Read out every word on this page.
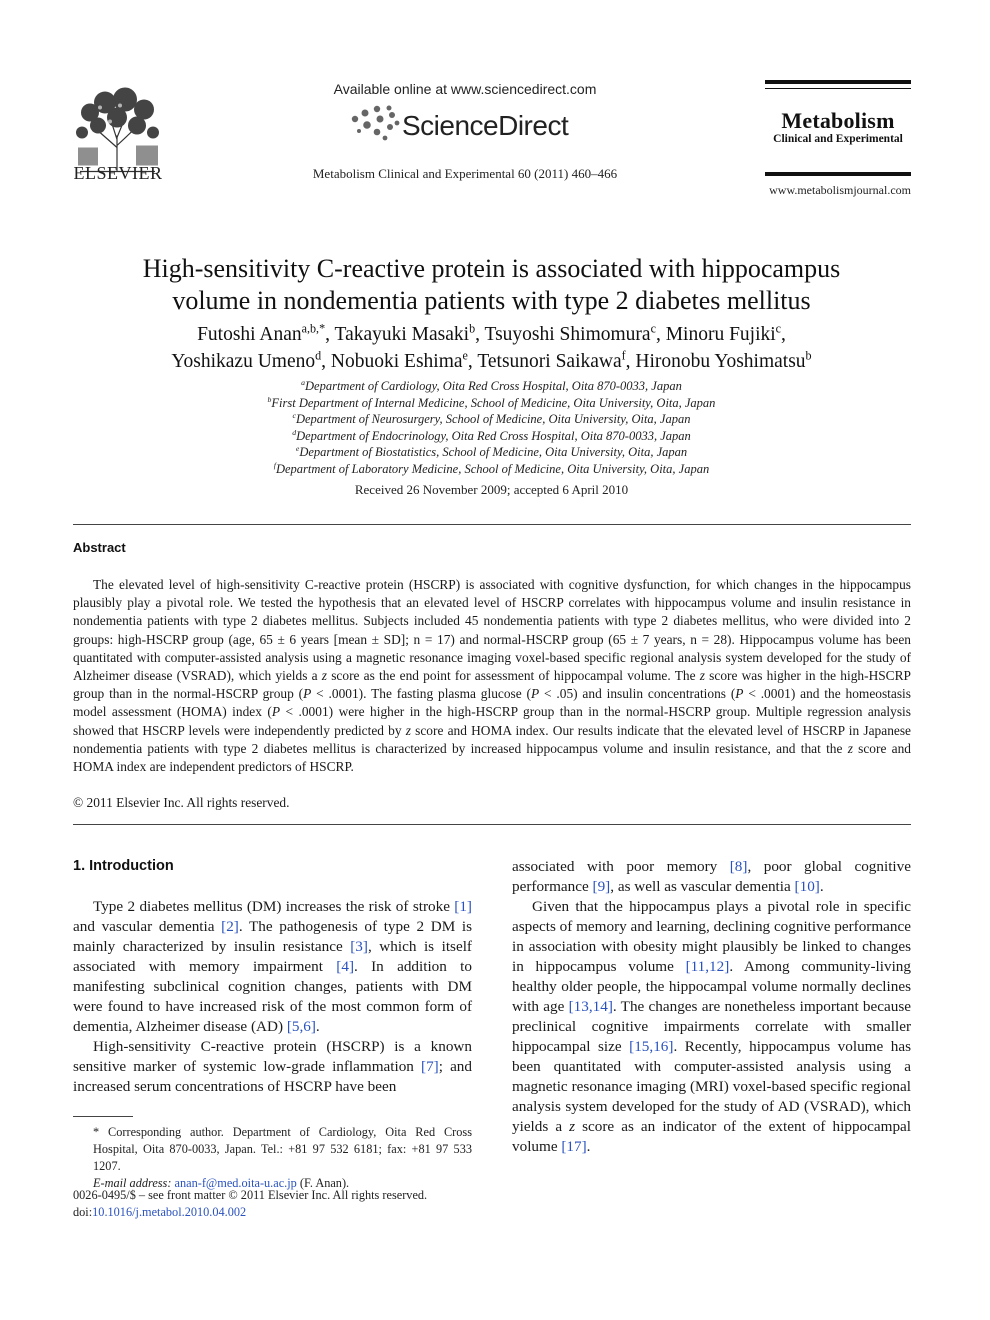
ELSEVIER
Available online at www.sciencedirect.com
ScienceDirect
Metabolism Clinical and Experimental 60 (2011) 460–466
Metabolism
Clinical and Experimental
www.metabolismjournal.com
High-sensitivity C-reactive protein is associated with hippocampus
volume in nondementia patients with type 2 diabetes mellitus
Futoshi Anan$^{a,b,*}$, Takayuki Masaki$^b$, Tsuyoshi Shimomura$^c$, Minoru Fujiki$^c$,
Yoshikazu Umeno$^d$, Nobuoki Eshima$^e$, Tetsunori Saikawa$^f$, Hironobu Yoshimatsu$^b$
$^a$Department of Cardiology, Oita Red Cross Hospital, Oita 870-0033, Japan
$^b$First Department of Internal Medicine, School of Medicine, Oita University, Oita, Japan
$^c$Department of Neurosurgery, School of Medicine, Oita University, Oita, Japan
$^d$Department of Endocrinology, Oita Red Cross Hospital, Oita 870-0033, Japan
$^e$Department of Biostatistics, School of Medicine, Oita University, Oita, Japan
$^f$Department of Laboratory Medicine, School of Medicine, Oita University, Oita, Japan
Received 26 November 2009; accepted 6 April 2010
Abstract
The elevated level of high-sensitivity C-reactive protein (HSCRP) is associated with cognitive dysfunction, for which changes in the hippocampus plausibly play a pivotal role. We tested the hypothesis that an elevated level of HSCRP correlates with hippocampus volume and insulin resistance in nondementia patients with type 2 diabetes mellitus. Subjects included 45 nondementia patients with type 2 diabetes mellitus, who were divided into 2 groups: high-HSCRP group (age, 65 ± 6 years [mean ± SD]; n = 17) and normal-HSCRP group (65 ± 7 years, n = 28). Hippocampus volume has been quantitated with computer-assisted analysis using a magnetic resonance imaging voxel-based specific regional analysis system developed for the study of Alzheimer disease (VSRAD), which yields a z score as the end point for assessment of hippocampal volume. The z score was higher in the high-HSCRP group than in the normal-HSCRP group (P < .0001). The fasting plasma glucose (P < .05) and insulin concentrations (P < .0001) and the homeostasis model assessment (HOMA) index (P < .0001) were higher in the high-HSCRP group than in the normal-HSCRP group. Multiple regression analysis showed that HSCRP levels were independently predicted by z score and HOMA index. Our results indicate that the elevated level of HSCRP in Japanese nondementia patients with type 2 diabetes mellitus is characterized by increased hippocampus volume and insulin resistance, and that the z score and HOMA index are independent predictors of HSCRP.
© 2011 Elsevier Inc. All rights reserved.
1. Introduction

Type 2 diabetes mellitus (DM) increases the risk of stroke [1] and vascular dementia [2]. The pathogenesis of type 2 DM is mainly characterized by insulin resistance [3], which is itself associated with memory impairment [4]. In addition to manifesting subclinical cognition changes, patients with DM were found to have increased risk of the most common form of dementia, Alzheimer disease (AD) [5,6].

High-sensitivity C-reactive protein (HSCRP) is a known sensitive marker of systemic low-grade inflammation [7]; and increased serum concentrations of HSCRP have been

associated with poor memory [8], poor global cognitive performance [9], as well as vascular dementia [10].

Given that the hippocampus plays a pivotal role in specific aspects of memory and learning, declining cognitive performance in association with obesity might plausibly be linked to changes in hippocampus volume [11,12]. Among community-living healthy older people, the hippocampal volume normally declines with age [13,14]. The changes are nonetheless important because preclinical cognitive impairments correlate with smaller hippocampal size [15,16]. Recently, hippocampus volume has been quantitated with computer-assisted analysis using a magnetic resonance imaging (MRI) voxel-based specific regional analysis system developed for the study of AD (VSRAD), which yields a z score as an indicator of the extent of hippocampal volume [17].

* Corresponding author. Department of Cardiology, Oita Red Cross Hospital, Oita 870-0033, Japan. Tel.: +81 97 532 6181; fax: +81 97 533 1207.
E-mail address: anan-f@med.oita-u.ac.jp (F. Anan).
0026-0495/$ – see front matter © 2011 Elsevier Inc. All rights reserved.
doi:10.1016/j.metabol.2010.04.002
